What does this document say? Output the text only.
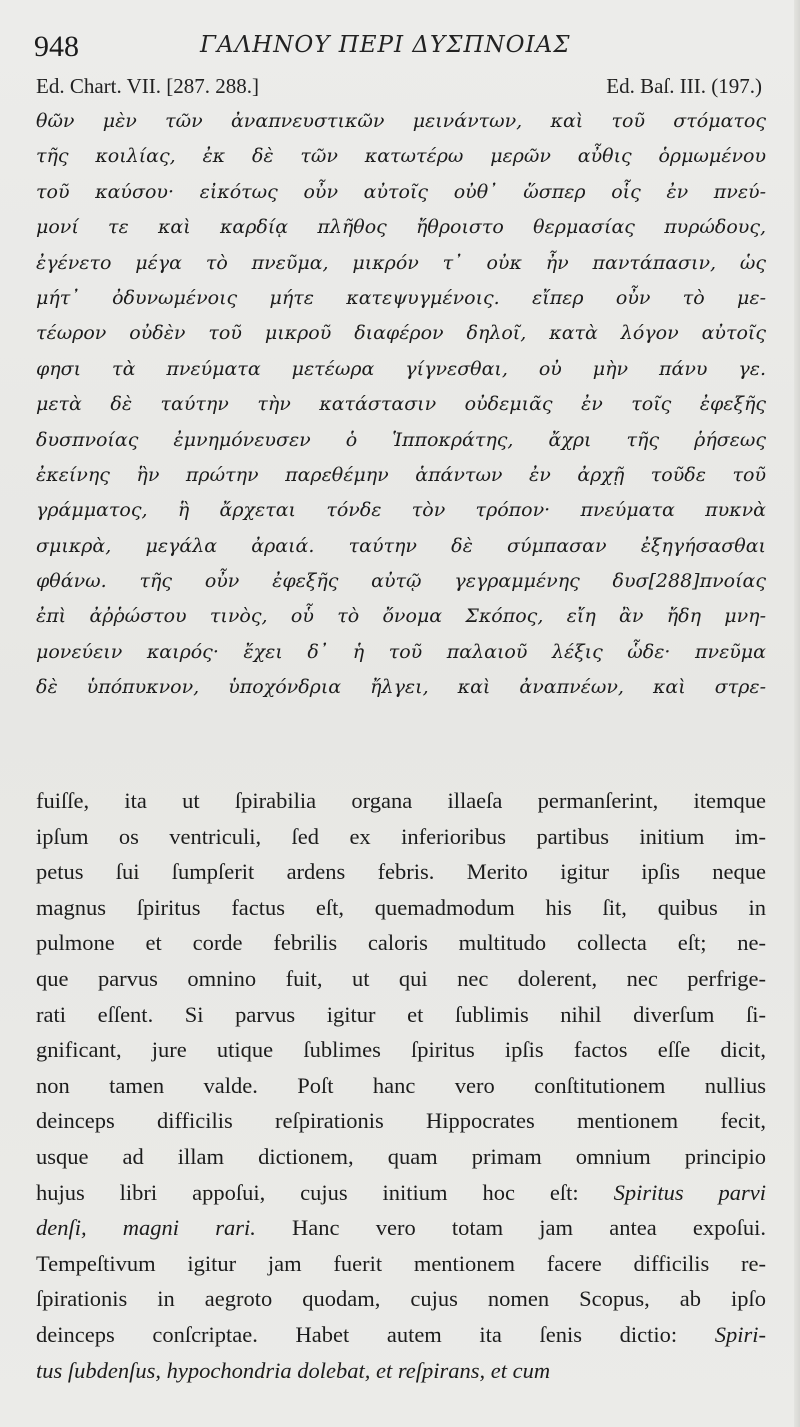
948	ΓΑΛΗΝΟΥ ΠΕΡΙ ΔΥΣΠΝΟΙΑΣ
Ed. Chart. VII. [287. 288.]	Ed. Baſ. III. (197.)
θῶν μὲν τῶν ἀναπνευστικῶν μεινάντων, καὶ τοῦ στόματος
τῆς κοιλίας, ἐκ δὲ τῶν κατωτέρω μερῶν αὖθις ὁρμωμένου
τοῦ καύσου· εἰκότως οὖν αὐτοῖς οὐθ᾽ ὥσπερ οἷς ἐν πνεύ-
μονί τε καὶ καρδίᾳ πλῆθος ἤθροιστο θερμασίας πυρώδους,
ἐγένετο μέγα τὸ πνεῦμα, μικρόν τ᾽ οὐκ ἦν παντάπασιν, ὡς
μήτ᾽ ὀδυνωμένοις μήτε κατεψυγμένοις. εἴπερ οὖν τὸ με-
τέωρον οὐδὲν τοῦ μικροῦ διαφέρον δηλοῖ, κατὰ λόγον αὐτοῖς
φησι τὰ πνεύματα μετέωρα γίγνεσθαι, οὐ μὴν πάνυ γε.
μετὰ δὲ ταύτην τὴν κατάστασιν οὐδεμιᾶς ἐν τοῖς ἐφεξῆς
δυσπνοίας ἐμνημόνευσεν ὁ Ἱπποκράτης, ἄχρι τῆς ῥήσεως
ἐκείνης ἣν πρώτην παρεθέμην ἁπάντων ἐν ἀρχῇ τοῦδε τοῦ
γράμματος, ἣ ἄρχεται τόνδε τὸν τρόπον· πνεύματα πυκνὰ
σμικρὰ, μεγάλα ἀραιά. ταύτην δὲ σύμπασαν ἐξηγήσασθαι
φθάνω. τῆς οὖν ἐφεξῆς αὐτῷ γεγραμμένης δυσ[288]πνοίας
ἐπὶ ἀῤῥώστου τινὸς, οὗ τὸ ὄνομα Σκόπος, εἴη ἂν ἤδη μνη-
μονεύειν καιρός· ἔχει δ᾽ ἡ τοῦ παλαιοῦ λέξις ὧδε· πνεῦμα
δὲ ὑπόπυκνον, ὑποχόνδρια ἤλγει, καὶ ἀναπνέων, καὶ στρε-
fuiſſe, ita ut ſpirabilia organa illaeſa permanſerint, itemque
ipſum os ventriculi, ſed ex inferioribus partibus initium im-
petus ſui ſumpſerit ardens febris. Merito igitur ipſis neque
magnus ſpiritus factus eſt, quemadmodum his ſit, quibus in
pulmone et corde febrilis caloris multitudo collecta eſt; ne-
que parvus omnino fuit, ut qui nec dolerent, nec perfrige-
rati eſſent. Si parvus igitur et ſublimis nihil diverſum ſi-
gnificant, jure utique ſublimes ſpiritus ipſis factos eſſe dicit,
non tamen valde. Poſt hanc vero conſtitutionem nullius
deinceps difficilis reſpirationis Hippocrates mentionem fecit,
usque ad illam dictionem, quam primam omnium principio
hujus libri appoſui, cujus initium hoc eſt: Spiritus parvi
denſi, magni rari. Hanc vero totam jam antea expoſui.
Tempeſtivum igitur jam fuerit mentionem facere difficilis re-
ſpirationis in aegroto quodam, cujus nomen Scopus, ab ipſo
deinceps conſcriptae. Habet autem ita ſenis dictio: Spiri-
tus ſubdenſus, hypochondria dolebat, et reſpirans, et cum
